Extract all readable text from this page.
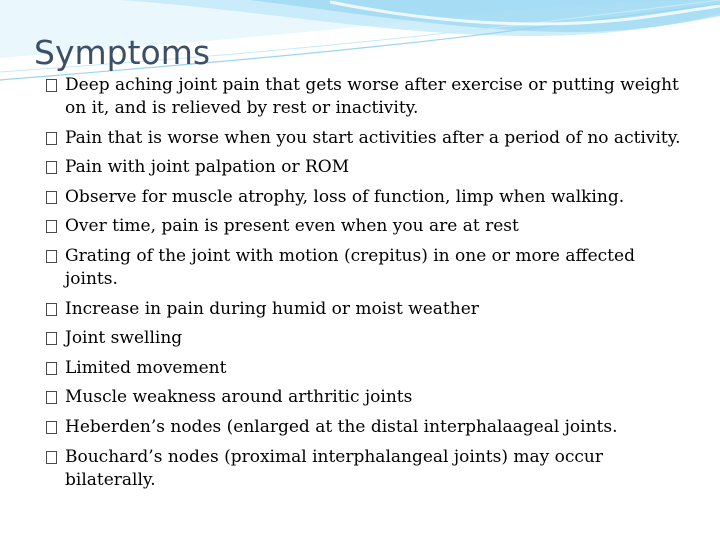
Symptoms
Deep aching joint pain that gets worse after exercise or putting weight on it, and is relieved by rest or inactivity.
Pain that is worse when you start activities after a period of no activity.
Pain with joint palpation or ROM
Observe for muscle atrophy, loss of function, limp when walking.
Over time, pain is present even when you are at rest
Grating of the joint with motion (crepitus) in one or more affected joints.
Increase in pain during humid or moist weather
Joint swelling
Limited movement
Muscle weakness around arthritic joints
Heberden’s nodes (enlarged at the distal interphalaageal joints.
Bouchard’s nodes (proximal interphalangeal joints) may occur bilaterally.
